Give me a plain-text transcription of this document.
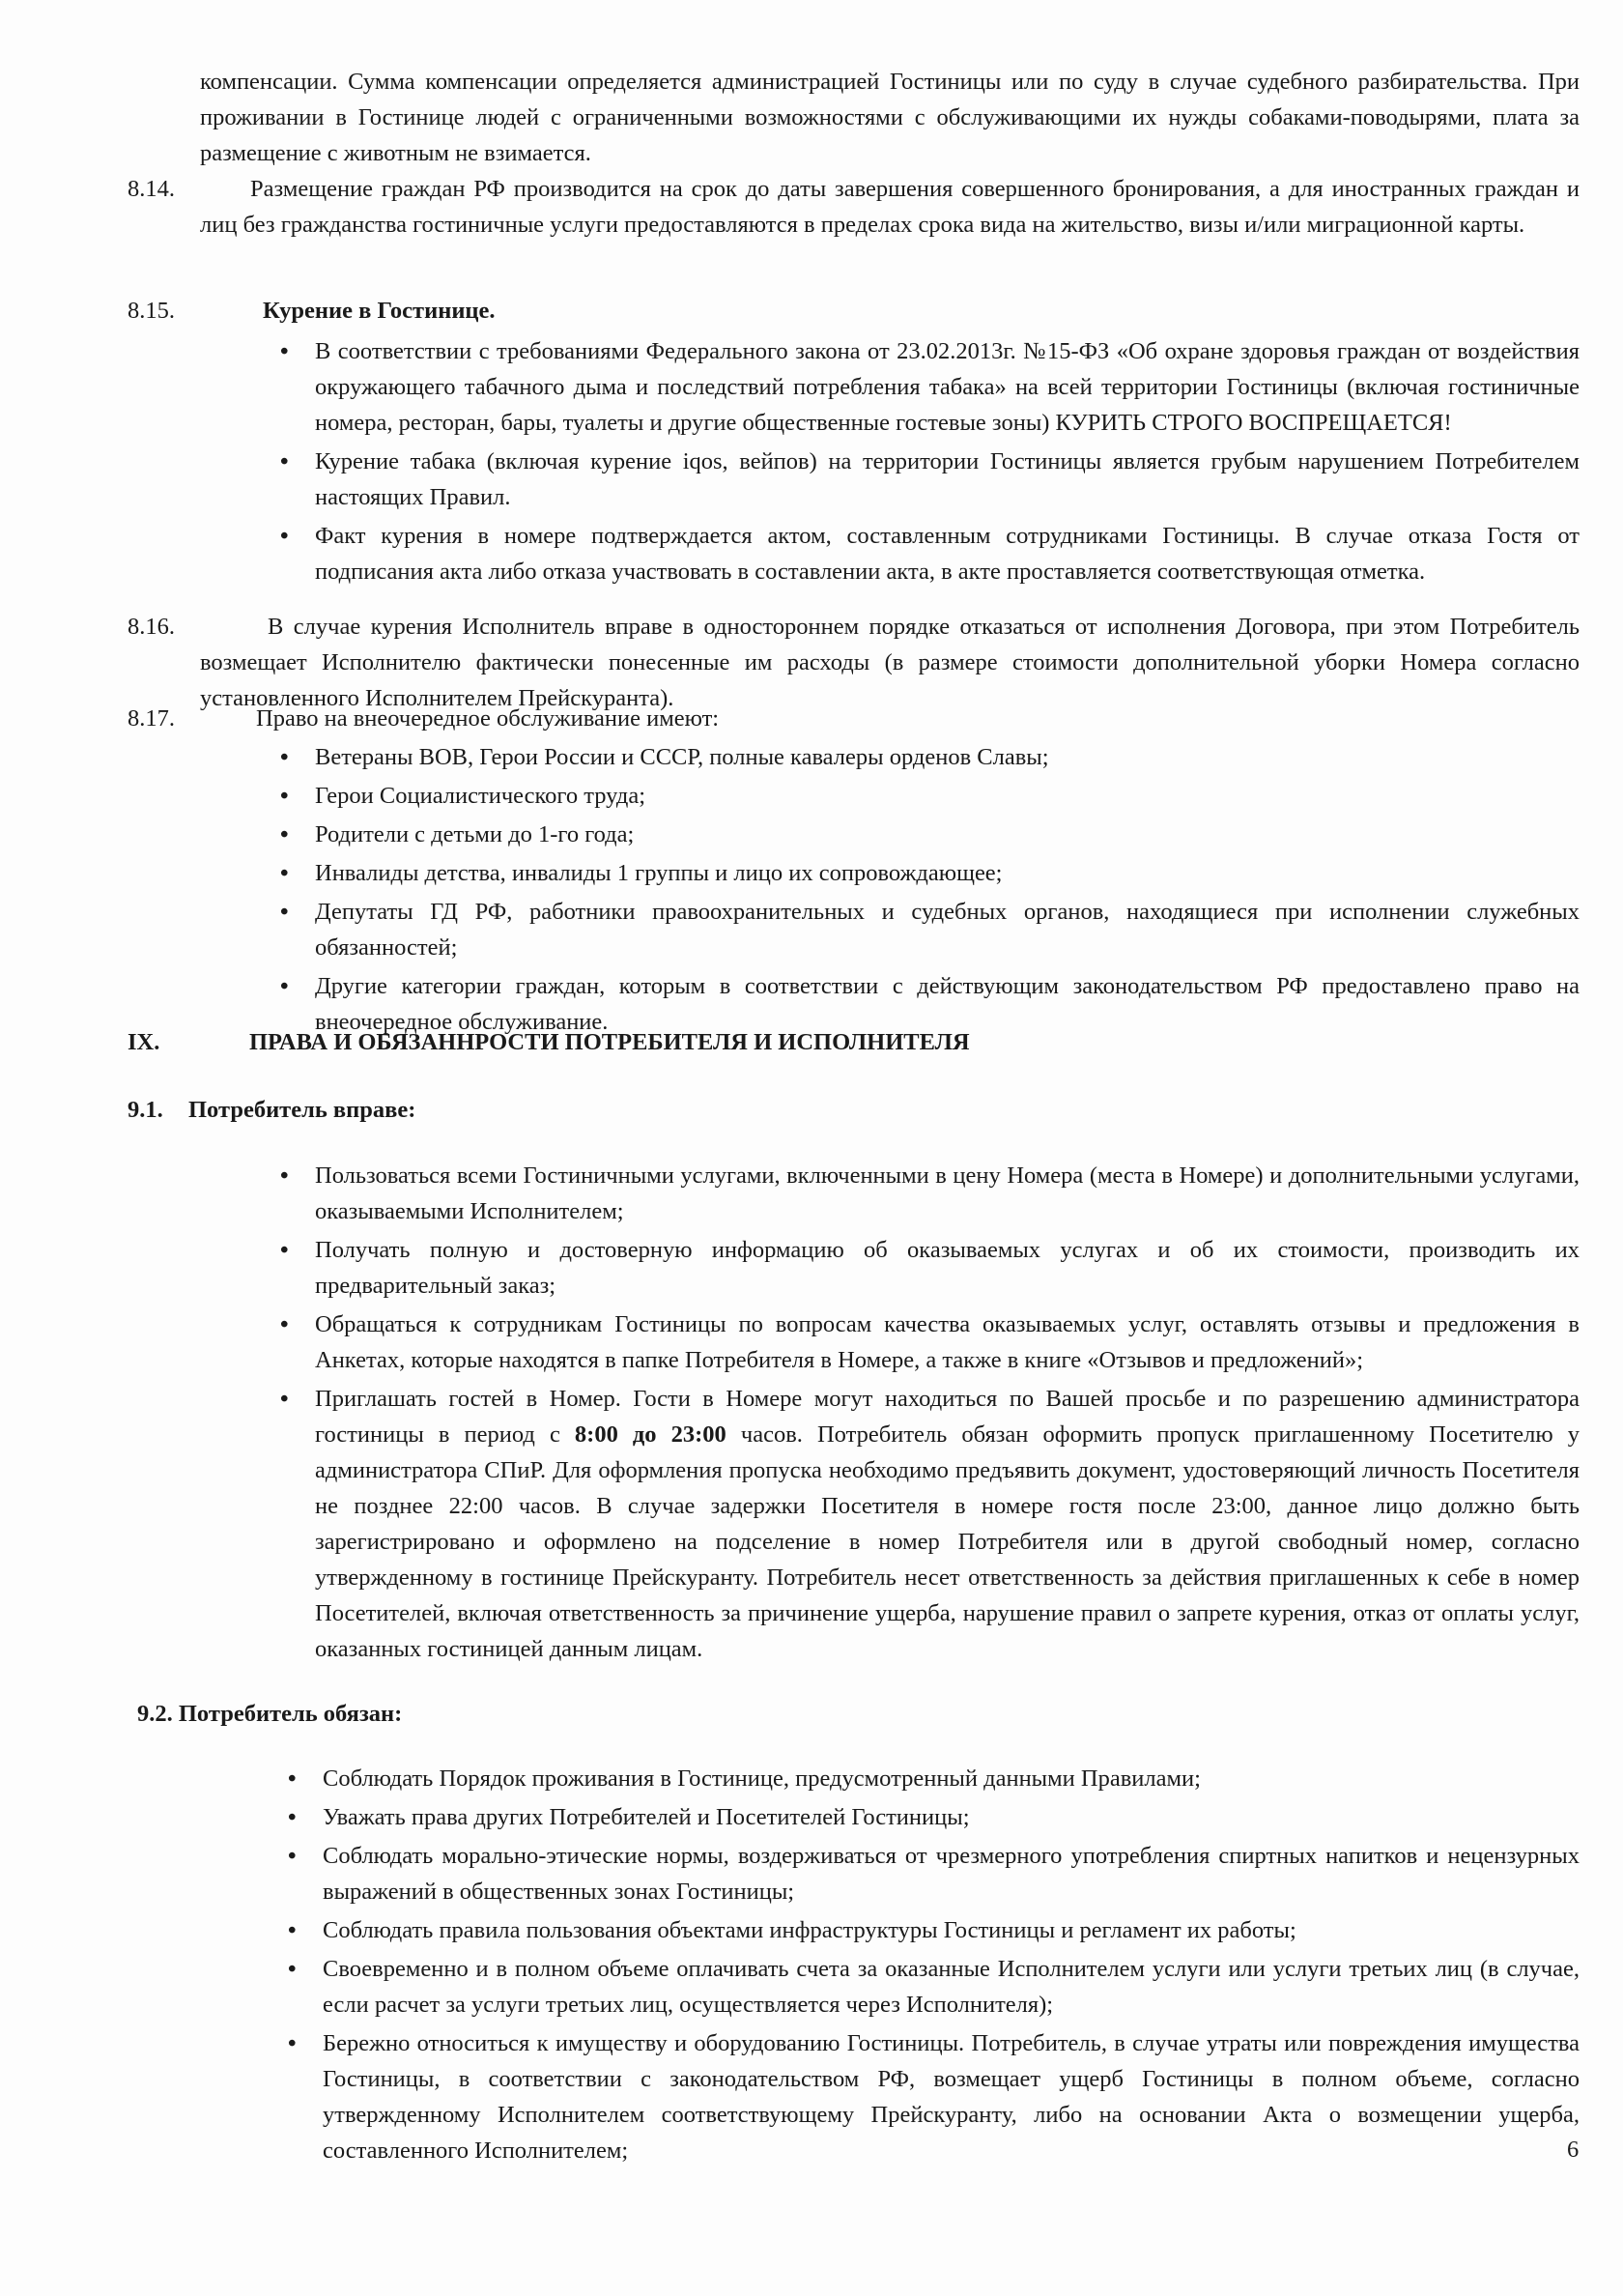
компенсации. Сумма компенсации определяется администрацией Гостиницы или по суду в случае судебного разбирательства. При проживании в Гостинице людей с ограниченными возможностями с обслуживающими их нужды собаками-поводырями, плата за размещение с животным не взимается.
8.14.	Размещение граждан РФ производится на срок до даты завершения совершенного бронирования, а для иностранных граждан и лиц без гражданства гостиничные услуги предоставляются в пределах срока вида на жительство, визы и/или миграционной карты.
8.15.	Курение в Гостинице.
• В соответствии с требованиями Федерального закона от 23.02.2013г. №15-ФЗ «Об охране здоровья граждан от воздействия окружающего табачного дыма и последствий потребления табака» на всей территории Гостиницы (включая гостиничные номера, ресторан, бары, туалеты и другие общественные гостевые зоны) КУРИТЬ СТРОГО ВОСПРЕЩАЕТСЯ!
• Курение табака (включая курение iqos, вейпов) на территории Гостиницы является грубым нарушением Потребителем настоящих Правил.
• Факт курения в номере подтверждается актом, составленным сотрудниками Гостиницы. В случае отказа Гостя от подписания акта либо отказа участвовать в составлении акта, в акте проставляется соответствующая отметка.
8.16.	В случае курения Исполнитель вправе в одностороннем порядке отказаться от исполнения Договора, при этом Потребитель возмещает Исполнителю фактически понесенные им расходы (в размере стоимости дополнительной уборки Номера согласно установленного Исполнителем Прейскуранта).
8.17.	Право на внеочередное обслуживание имеют:
• Ветераны ВОВ, Герои России и СССР, полные кавалеры орденов Славы;
• Герои Социалистического труда;
• Родители с детьми до 1-го года;
• Инвалиды детства, инвалиды 1 группы и лицо их сопровождающее;
• Депутаты ГД РФ, работники правоохранительных и судебных органов, находящиеся при исполнении служебных обязанностей;
• Другие категории граждан, которым в соответствии с действующим законодательством РФ предоставлено право на внеочередное обслуживание.
IX.	ПРАВА И ОБЯЗАННРОСТИ ПОТРЕБИТЕЛЯ И ИСПОЛНИТЕЛЯ
9.1. Потребитель вправе:
• Пользоваться всеми Гостиничными услугами, включенными в цену Номера (места в Номере) и дополнительными услугами, оказываемыми Исполнителем;
• Получать полную и достоверную информацию об оказываемых услугах и об их стоимости, производить их предварительный заказ;
• Обращаться к сотрудникам Гостиницы по вопросам качества оказываемых услуг, оставлять отзывы и предложения в Анкетах, которые находятся в папке Потребителя в Номере, а также в книге «Отзывов и предложений»;
• Приглашать гостей в Номер. Гости в Номере могут находиться по Вашей просьбе и по разрешению администратора гостиницы в период с 8:00 до 23:00 часов. Потребитель обязан оформить пропуск приглашенному Посетителю у администратора СПиР. Для оформления пропуска необходимо предъявить документ, удостоверяющий личность Посетителя не позднее 22:00 часов. В случае задержки Посетителя в номере гостя после 23:00, данное лицо должно быть зарегистрировано и оформлено на подселение в номер Потребителя или в другой свободный номер, согласно утвержденному в гостинице Прейскуранту. Потребитель несет ответственность за действия приглашенных к себе в номер Посетителей, включая ответственность за причинение ущерба, нарушение правил о запрете курения, отказ от оплаты услуг, оказанных гостиницей данным лицам.
9.2. Потребитель обязан:
• Соблюдать Порядок проживания в Гостинице, предусмотренный данными Правилами;
• Уважать права других Потребителей и Посетителей Гостиницы;
• Соблюдать морально-этические нормы, воздерживаться от чрезмерного употребления спиртных напитков и нецензурных выражений в общественных зонах Гостиницы;
• Соблюдать правила пользования объектами инфраструктуры Гостиницы и регламент их работы;
• Своевременно и в полном объеме оплачивать счета за оказанные Исполнителем услуги или услуги третьих лиц (в случае, если расчет за услуги третьих лиц, осуществляется через Исполнителя);
• Бережно относиться к имуществу и оборудованию Гостиницы. Потребитель, в случае утраты или повреждения имущества Гостиницы, в соответствии с законодательством РФ, возмещает ущерб Гостиницы в полном объеме, согласно утвержденному Исполнителем соответствующему Прейскуранту, либо на основании Акта о возмещении ущерба, составленного Исполнителем;	6
